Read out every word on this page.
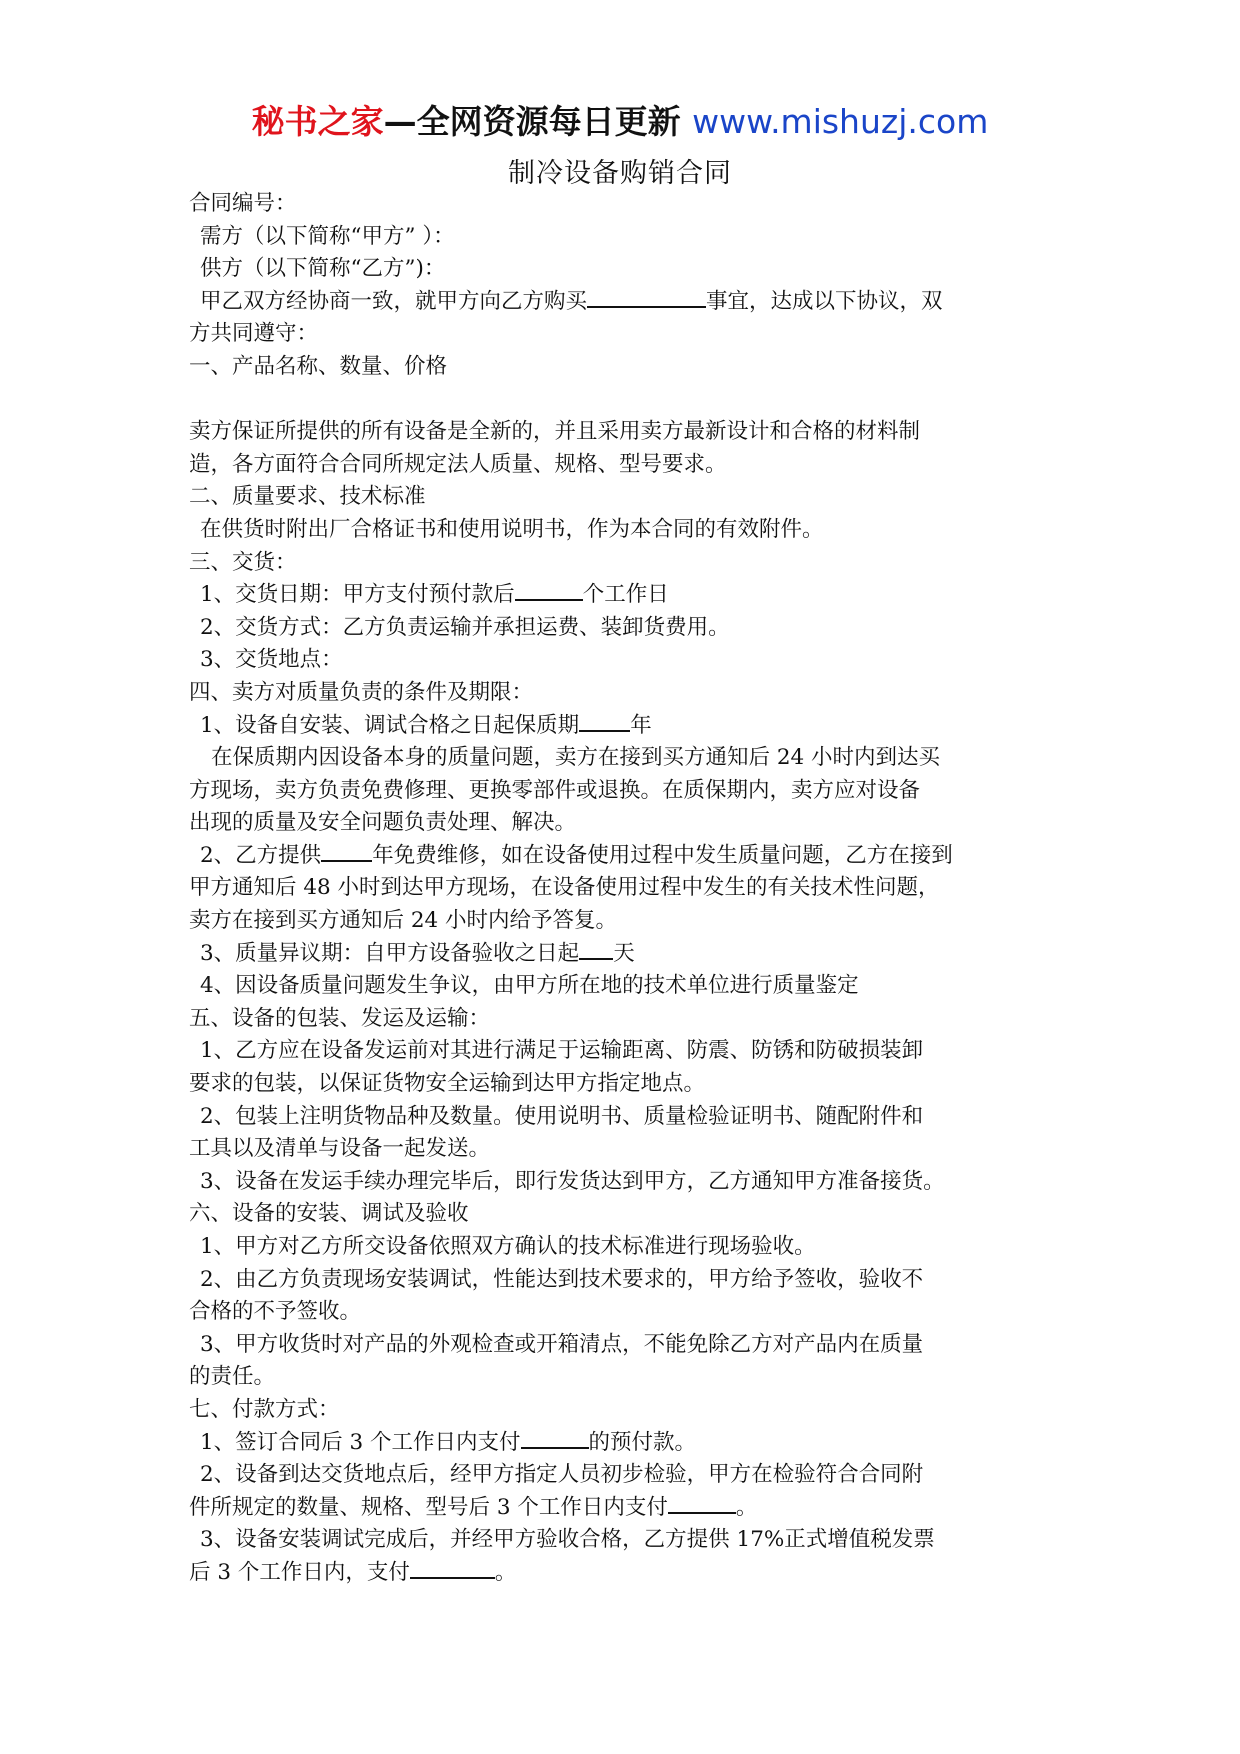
秘书之家—全网资源每日更新 www.mishuzj.com
制冷设备购销合同
合同编号：
需方（以下简称“甲方” ）：
供方（以下简称“乙方”)：
甲乙双方经协商一致，就甲方向乙方购买	事宜，达成以下协议，双
方共同遵守：
一、产品名称、数量、价格
卖方保证所提供的所有设备是全新的，并且采用卖方最新设计和合格的材料制
造，各方面符合合同所规定法人质量、规格、型号要求。
二、质量要求、技术标准
在供货时附出厂合格证书和使用说明书，作为本合同的有效附件。
三、交货：
1、交货日期：甲方支付预付款后	个工作日
2、交货方式：乙方负责运输并承担运费、装卸货费用。
3、交货地点：
四、卖方对质量负责的条件及期限：
1、设备自安装、调试合格之日起保质期 年
在保质期内因设备本身的质量问题，卖方在接到买方通知后 24 小时内到达买
方现场，卖方负责免费修理、更换零部件或退换。在质保期内，卖方应对设备
出现的质量及安全问题负责处理、解决。
2、乙方提供 年免费维修，如在设备使用过程中发生质量问题，乙方在接到
甲方通知后 48 小时到达甲方现场，在设备使用过程中发生的有关技术性问题，
卖方在接到买方通知后 24 小时内给予答复。
3、质量异议期：自甲方设备验收之日起 天
4、因设备质量问题发生争议，由甲方所在地的技术单位进行质量鉴定
五、设备的包装、发运及运输：
1、乙方应在设备发运前对其进行满足于运输距离、防震、防锈和防破损装卸
要求的包装，以保证货物安全运输到达甲方指定地点。
2、包装上注明货物品种及数量。使用说明书、质量检验证明书、随配附件和
工具以及清单与设备一起发送。
3、设备在发运手续办理完毕后，即行发货达到甲方，乙方通知甲方准备接货。
六、设备的安装、调试及验收
1、甲方对乙方所交设备依照双方确认的技术标准进行现场验收。
2、由乙方负责现场安装调试，性能达到技术要求的，甲方给予签收，验收不
合格的不予签收。
3、甲方收货时对产品的外观检查或开箱清点，不能免除乙方对产品内在质量
的责任。
七、付款方式：
1、签订合同后 3 个工作日内支付	的预付款。
2、设备到达交货地点后，经甲方指定人员初步检验，甲方在检验符合合同附
件所规定的数量、规格、型号后 3 个工作日内支付	。
3、设备安装调试完成后，并经甲方验收合格，乙方提供 17%正式增值税发票
后 3 个工作日内，支付	。
